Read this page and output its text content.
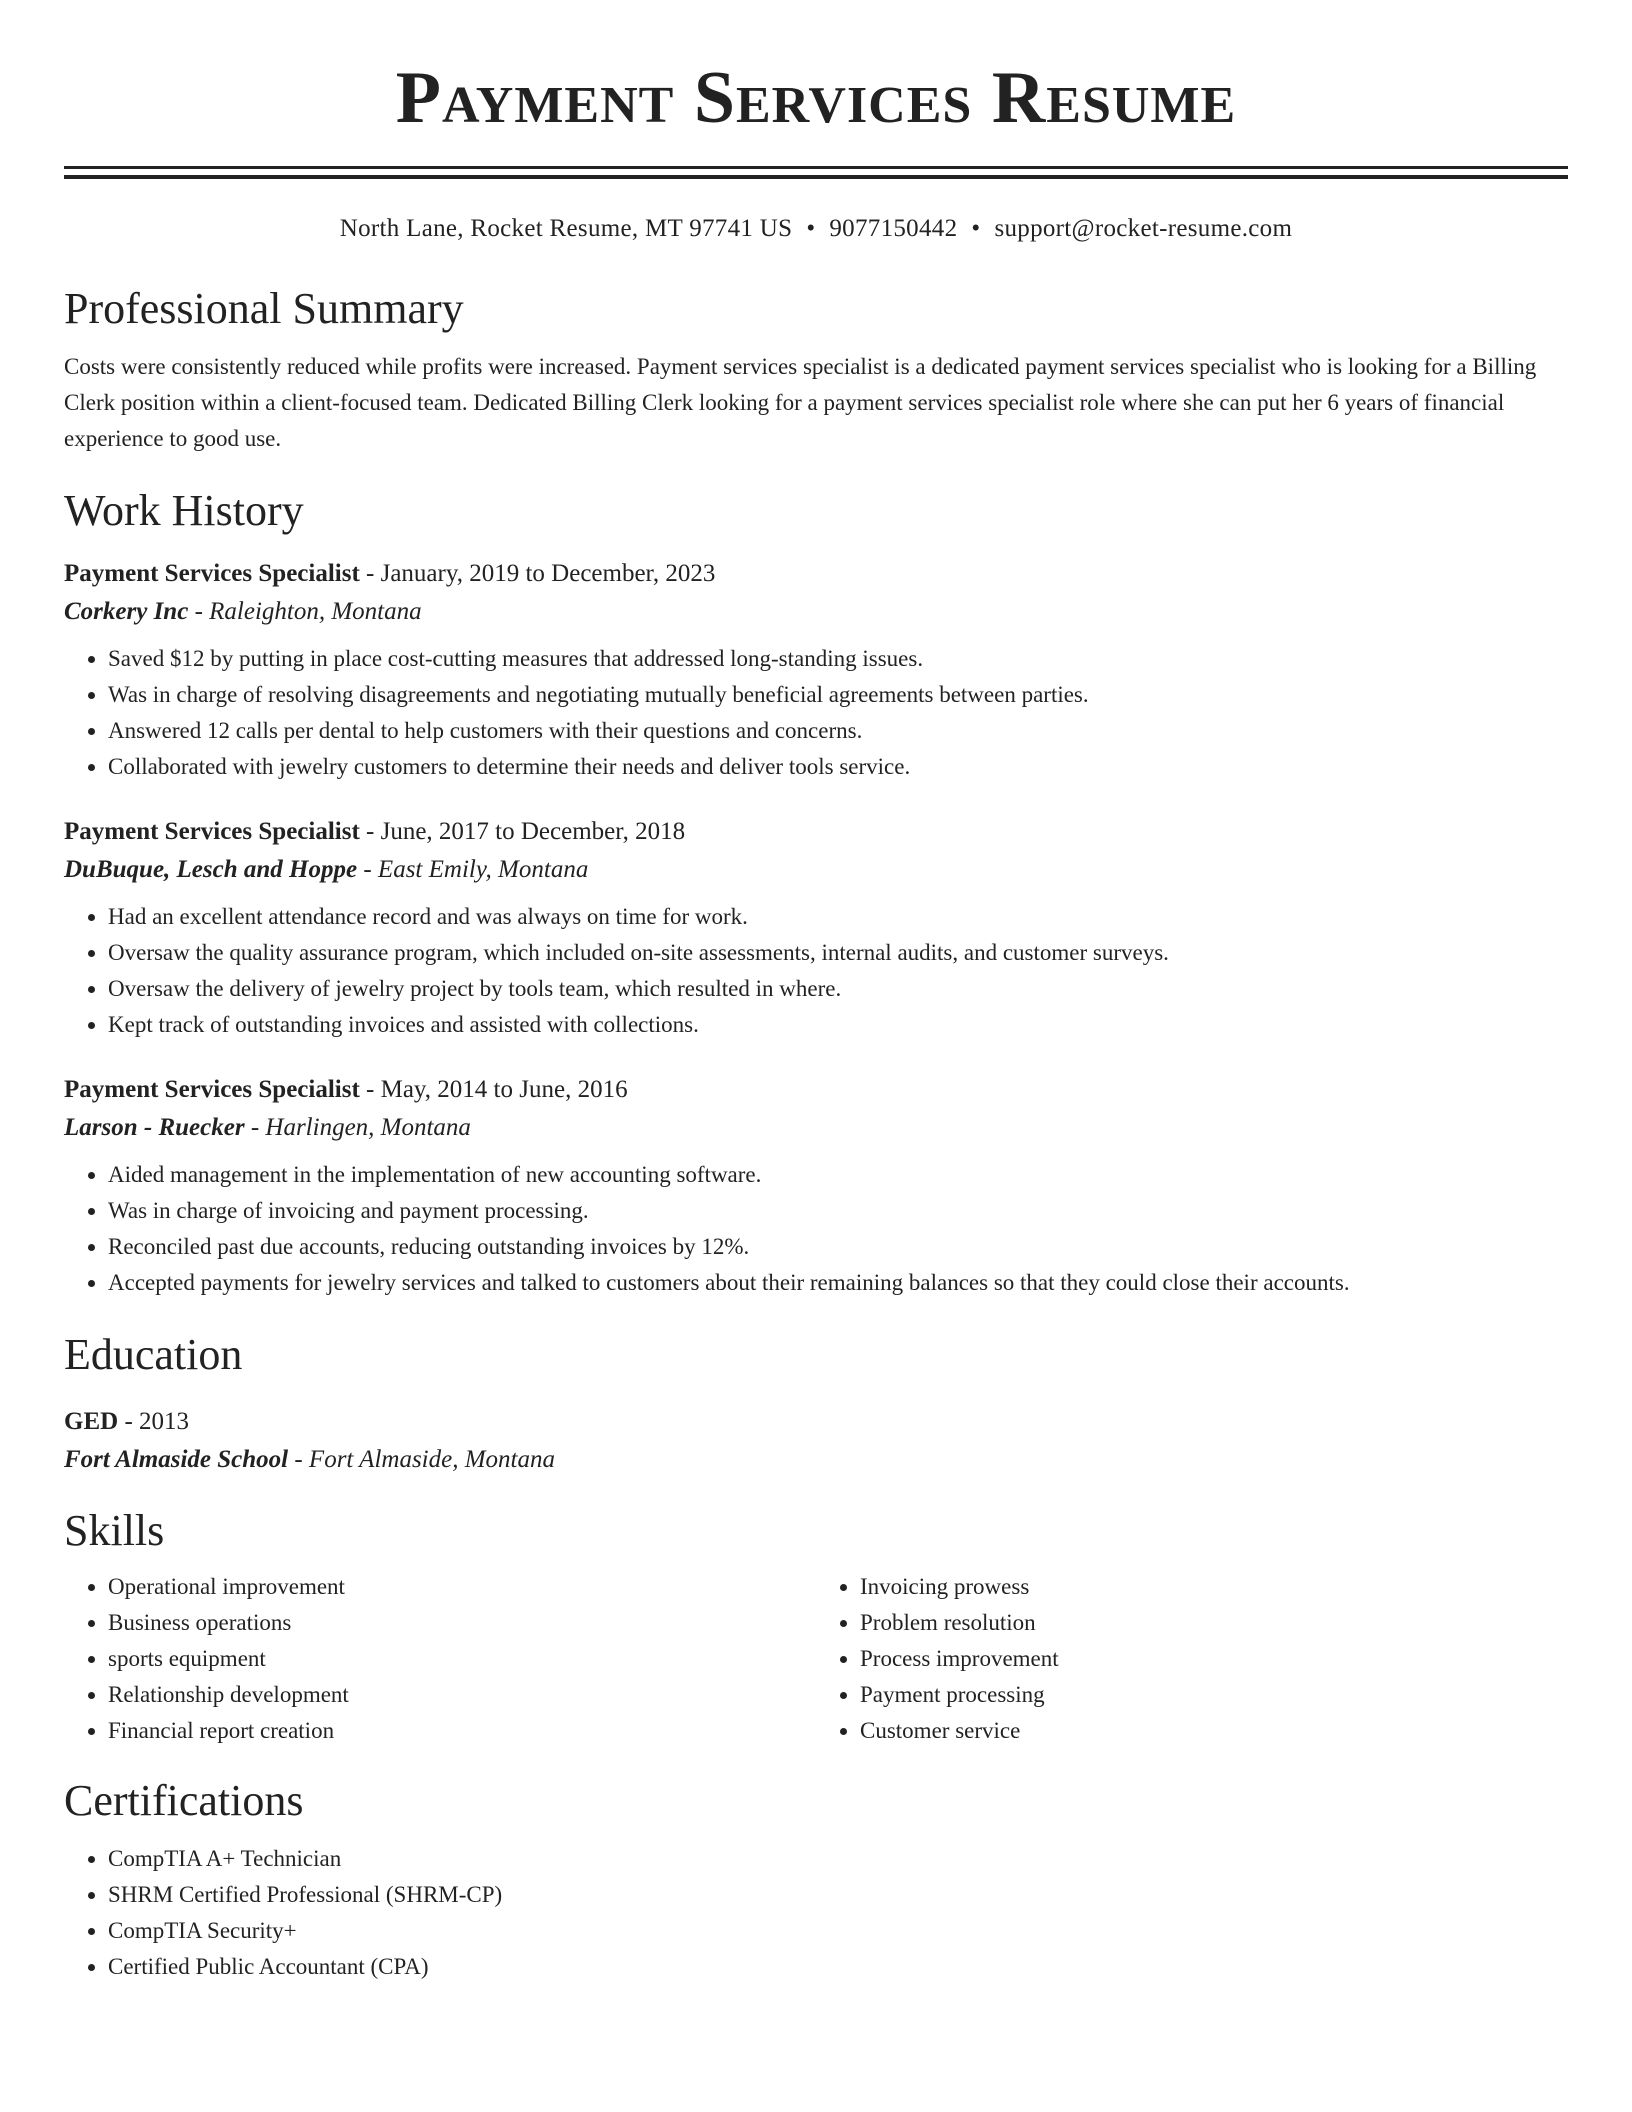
Payment Services Resume
North Lane, Rocket Resume, MT 97741 US • 9077150442 • support@rocket-resume.com
Professional Summary
Costs were consistently reduced while profits were increased. Payment services specialist is a dedicated payment services specialist who is looking for a Billing Clerk position within a client-focused team. Dedicated Billing Clerk looking for a payment services specialist role where she can put her 6 years of financial experience to good use.
Work History
Payment Services Specialist - January, 2019 to December, 2023
Corkery Inc - Raleighton, Montana
• Saved $12 by putting in place cost-cutting measures that addressed long-standing issues.
• Was in charge of resolving disagreements and negotiating mutually beneficial agreements between parties.
• Answered 12 calls per dental to help customers with their questions and concerns.
• Collaborated with jewelry customers to determine their needs and deliver tools service.
Payment Services Specialist - June, 2017 to December, 2018
DuBuque, Lesch and Hoppe - East Emily, Montana
• Had an excellent attendance record and was always on time for work.
• Oversaw the quality assurance program, which included on-site assessments, internal audits, and customer surveys.
• Oversaw the delivery of jewelry project by tools team, which resulted in where.
• Kept track of outstanding invoices and assisted with collections.
Payment Services Specialist - May, 2014 to June, 2016
Larson - Ruecker - Harlingen, Montana
• Aided management in the implementation of new accounting software.
• Was in charge of invoicing and payment processing.
• Reconciled past due accounts, reducing outstanding invoices by 12%.
• Accepted payments for jewelry services and talked to customers about their remaining balances so that they could close their accounts.
Education
GED - 2013
Fort Almaside School - Fort Almaside, Montana
Skills
• Operational improvement
• Business operations
• sports equipment
• Relationship development
• Financial report creation
• Invoicing prowess
• Problem resolution
• Process improvement
• Payment processing
• Customer service
Certifications
• CompTIA A+ Technician
• SHRM Certified Professional (SHRM-CP)
• CompTIA Security+
• Certified Public Accountant (CPA)
